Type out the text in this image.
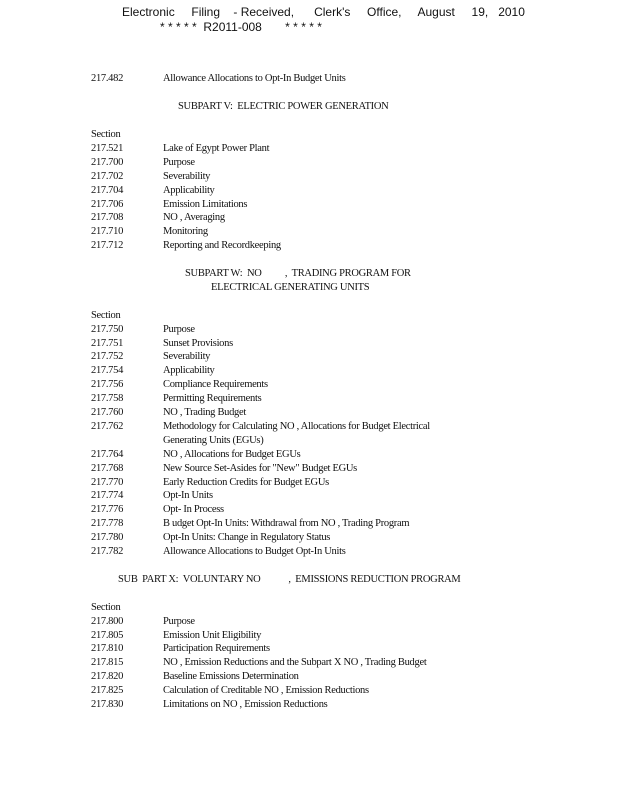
Electronic     Filing    - Received,      Clerk's     Office,     August     19,   2010
* * * * *  R2011-008       * * * * *
217.482	Allowance Allocations to Opt-In Budget Units
SUBPART V:  ELECTRIC POWER GENERATION
Section
217.521	Lake of Egypt Power Plant
217.700	Purpose
217.702	Severability
217.704	Applicability
217.706	Emission Limitations
217.708	NO , Averaging
217.710	Monitoring
217.712	Reporting and Recordkeeping
SUBPART W:  NO          ,  TRADING PROGRAM FOR
ELECTRICAL GENERATING UNITS
Section
217.750	Purpose
217.751	Sunset Provisions
217.752	Severability
217.754	Applicability
217.756	Compliance Requirements
217.758	Permitting Requirements
217.760	NO , Trading Budget
217.762	Methodology for Calculating NO , Allocations for Budget Electrical
Generating Units (EGUs)
217.764	NO , Allocations for Budget EGUs
217.768	New Source Set-Asides for "New" Budget EGUs
217.770	Early Reduction Credits for Budget EGUs
217.774	Opt-In Units
217.776	Opt- In Process
217.778	B udget Opt-In Units: Withdrawal from NO , Trading Program
217.780	Opt-In Units: Change in Regulatory Status
217.782	Allowance Allocations to Budget Opt-In Units
SUB  PART X:  VOLUNTARY NO            ,  EMISSIONS REDUCTION PROGRAM
Section
217.800	Purpose
217.805	Emission Unit Eligibility
217.810	Participation Requirements
217.815	NO , Emission Reductions and the Subpart X NO , Trading Budget
217.820	Baseline Emissions Determination
217.825	Calculation of Creditable NO , Emission Reductions
217.830	Limitations on NO , Emission Reductions
